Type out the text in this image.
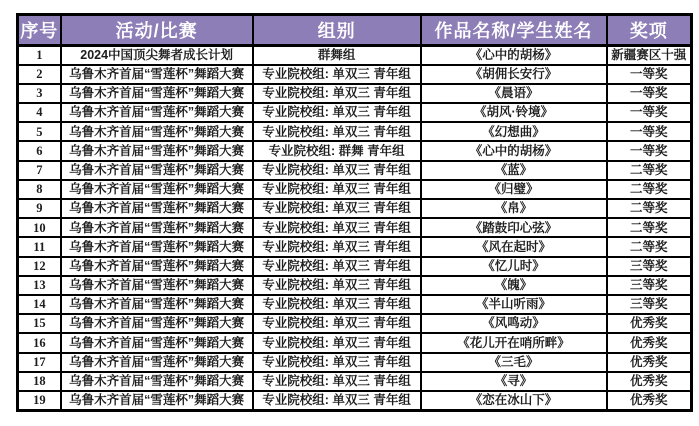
序号	活动/比赛	组别	作品名称/学生姓名	奖项
1	2024中国顶尖舞者成长计划	群舞组	《心中的胡杨》	新疆赛区十强
2	乌鲁木齐首届“雪莲杯”舞蹈大赛	专业院校组: 单双三 青年组	《胡佣长安行》	一等奖
3	乌鲁木齐首届“雪莲杯”舞蹈大赛	专业院校组: 单双三 青年组	《晨语》	一等奖
4	乌鲁木齐首届“雪莲杯”舞蹈大赛	专业院校组: 单双三 青年组	《胡风·铃境》	一等奖
5	乌鲁木齐首届“雪莲杯”舞蹈大赛	专业院校组: 单双三 青年组	《幻想曲》	一等奖
6	乌鲁木齐首届“雪莲杯”舞蹈大赛	专业院校组: 群舞 青年组	《心中的胡杨》	一等奖
7	乌鲁木齐首届“雪莲杯”舞蹈大赛	专业院校组: 单双三 青年组	《蓝》	二等奖
8	乌鲁木齐首届“雪莲杯”舞蹈大赛	专业院校组: 单双三 青年组	《归璧》	二等奖
9	乌鲁木齐首届“雪莲杯”舞蹈大赛	专业院校组: 单双三 青年组	《帛》	二等奖
10	乌鲁木齐首届“雪莲杯”舞蹈大赛	专业院校组: 单双三 青年组	《踏鼓印心弦》	二等奖
11	乌鲁木齐首届“雪莲杯”舞蹈大赛	专业院校组: 单双三 青年组	《风在起时》	二等奖
12	乌鲁木齐首届“雪莲杯”舞蹈大赛	专业院校组: 单双三 青年组	《忆儿时》	三等奖
13	乌鲁木齐首届“雪莲杯”舞蹈大赛	专业院校组: 单双三 青年组	《魄》	三等奖
14	乌鲁木齐首届“雪莲杯”舞蹈大赛	专业院校组: 单双三 青年组	《半山听雨》	三等奖
15	乌鲁木齐首届“雪莲杯”舞蹈大赛	专业院校组: 单双三 青年组	《风鸣动》	优秀奖
16	乌鲁木齐首届“雪莲杯”舞蹈大赛	专业院校组: 单双三 青年组	《花儿开在哨所畔》	优秀奖
17	乌鲁木齐首届“雪莲杯”舞蹈大赛	专业院校组: 单双三 青年组	《三毛》	优秀奖
18	乌鲁木齐首届“雪莲杯”舞蹈大赛	专业院校组: 单双三 青年组	《寻》	优秀奖
19	乌鲁木齐首届“雪莲杯”舞蹈大赛	专业院校组: 单双三 青年组	《恋在冰山下》	优秀奖
